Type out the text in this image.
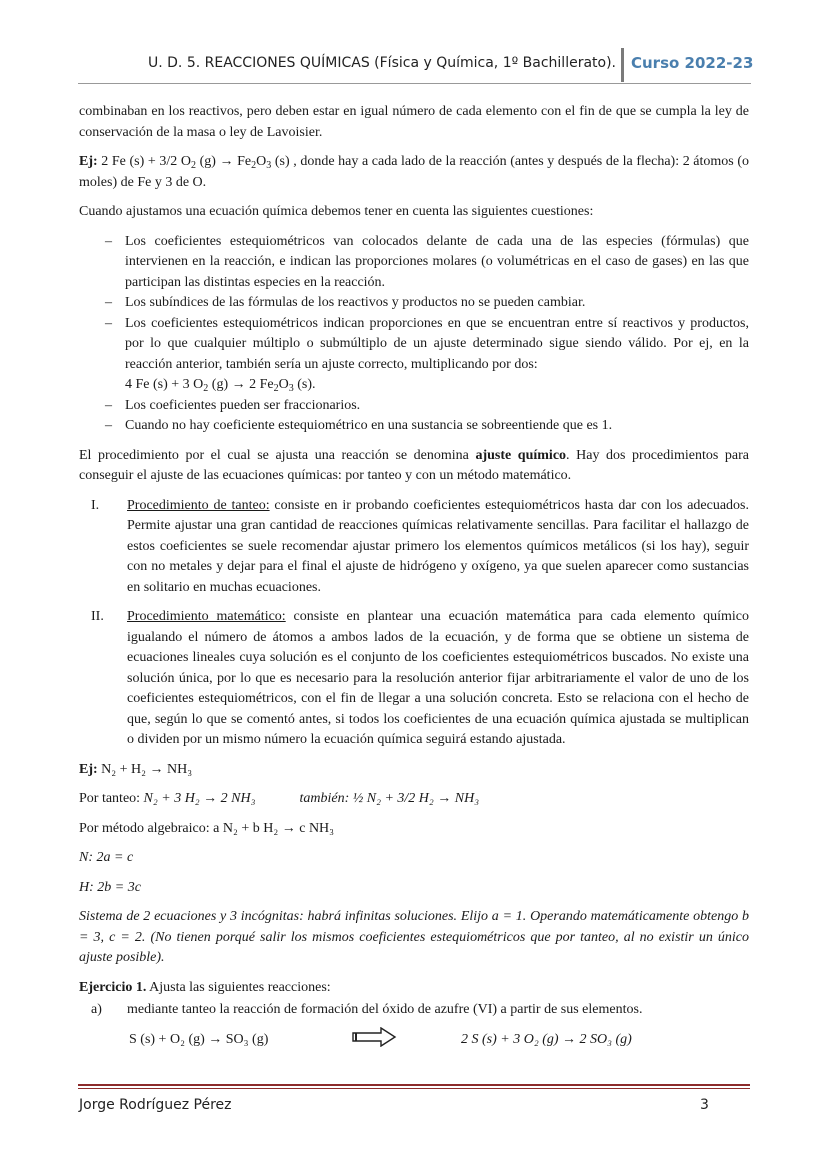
U. D. 5. REACCIONES QUÍMICAS (Física y Química, 1º Bachillerato). Curso 2022-23

combinaban en los reactivos, pero deben estar en igual número de cada elemento con el fin de que se cumpla la ley de conservación de la masa o ley de Lavoisier.

Ej: 2 Fe (s) + 3/2 $O_2$ $(g) \to Fe_2O_3$ (s) , donde hay a cada lado de la reacción (antes y después de la flecha): 2 átomos (o moles) de Fe y 3 de O.

Cuando ajustamos una ecuación química debemos tener en cuenta las siguientes cuestiones:

– Los coeficientes estequiométricos van colocados delante de cada una de las especies (fórmulas) que intervienen en la reacción, e indican las proporciones molares (o volumétricas en el caso de gases) en las que participan las distintas especies en la reacción.
– Los subíndices de las fórmulas de los reactivos y productos no se pueden cambiar.
– Los coeficientes estequiométricos indican proporciones en que se encuentran entre sí reactivos y productos, por lo que cualquier múltiplo o submúltiplo de un ajuste determinado sigue siendo válido. Por ej, en la reacción anterior, también sería un ajuste correcto, multiplicando por dos:
4 Fe (s) + 3 $O_2$ (g) → 2 $Fe_2O_3$ (s).
– Los coeficientes pueden ser fraccionarios.
– Cuando no hay coeficiente estequiométrico en una sustancia se sobreentiende que es 1.

El procedimiento por el cual se ajusta una reacción se denomina ajuste químico. Hay dos procedimientos para conseguir el ajuste de las ecuaciones químicas: por tanteo y con un método matemático.

I.	Procedimiento de tanteo: consiste en ir probando coeficientes estequiométricos hasta dar con los adecuados. Permite ajustar una gran cantidad de reacciones químicas relativamente sencillas. Para facilitar el hallazgo de estos coeficientes se suele recomendar ajustar primero los elementos químicos metálicos (si los hay), seguir con no metales y dejar para el final el ajuste de hidrógeno y oxígeno, ya que suelen aparecer como sustancias en solitario en muchas ecuaciones.
II.	Procedimiento matemático: consiste en plantear una ecuación matemática para cada elemento químico igualando el número de átomos a ambos lados de la ecuación, y de forma que se obtiene un sistema de ecuaciones lineales cuya solución es el conjunto de los coeficientes estequiométricos buscados. No existe una solución única, por lo que es necesario para la resolución anterior fijar arbitrariamente el valor de uno de los coeficientes estequiométricos, con el fin de llegar a una solución concreta. Esto se relaciona con el hecho de que, según lo que se comentó antes, si todos los coeficientes de una ecuación química ajustada se multiplican o dividen por un mismo número la ecuación química seguirá estando ajustada.
Ej: N₂ + H₂ → NH₃
Por tanteo: N₂ + 3 H₂ → 2 NH₃	también: ½ N₂ + 3/2 H₂ → NH₃
Por método algebraico: a N₂ + b H₂ → c NH₃
N: 2a = c
H: 2b = 3c

Sistema de 2 ecuaciones y 3 incógnitas: habrá infinitas soluciones. Elijo a = 1. Operando matemáticamente obtengo b = 3, c = 2. (No tienen porqué salir los mismos coeficientes estequiométricos que por tanteo, al no existir un único ajuste posible).

Ejercicio 1. Ajusta las siguientes reacciones:
a)	mediante tanteo la reacción de formación del óxido de azufre (VI) a partir de sus elementos.
S (s) + O₂ (g) → SO₃ (g)	2 S (s) + 3 O₂ (g) → 2 SO₃ (g)
Jorge Rodríguez Pérez	3
